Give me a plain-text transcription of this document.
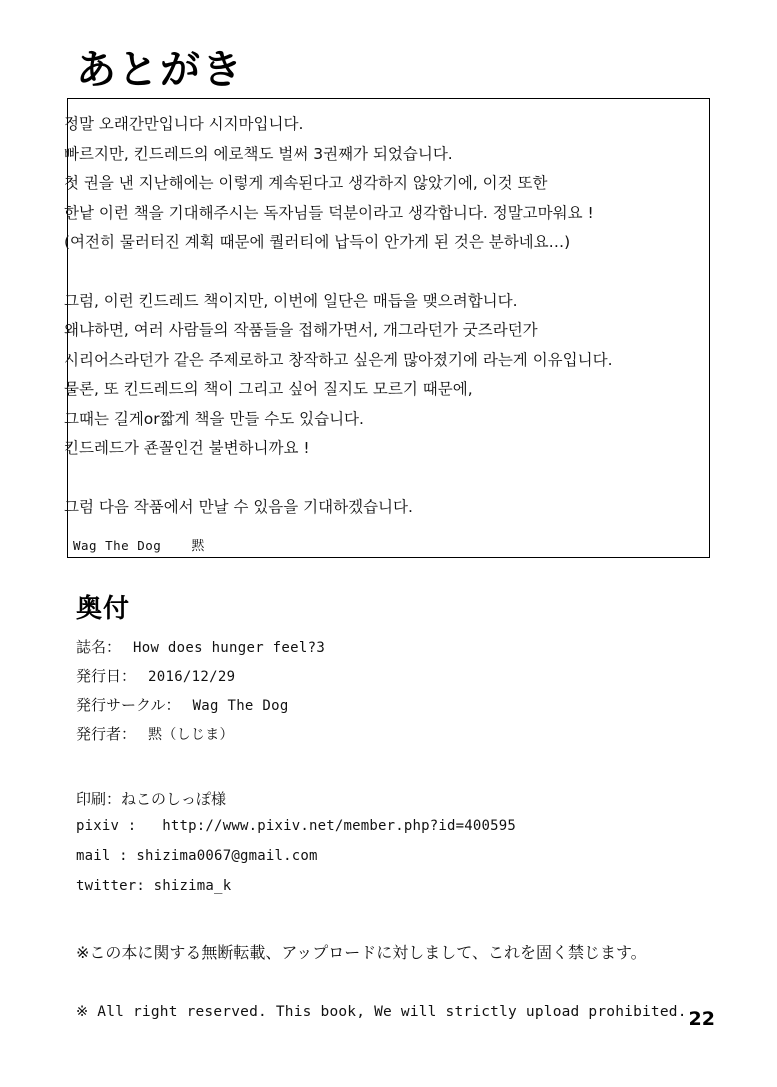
あとがき

정말 오래간만입니다 시지마입니다.

빠르지만, 킨드레드의 에로책도 벌써 3권째가 되었습니다.

첫 권을 낸 지난해에는 이렇게 계속된다고 생각하지 않았기에, 이것 또한

한낱 이런 책을 기대해주시는 독자님들 덕분이라고 생각합니다. 정말고마워요 !

(여전히 물러터진 계획 때문에 퀄러티에 납득이 안가게 된 것은 분하네요…)

그럼, 이런 킨드레드 책이지만, 이번에 일단은 매듭을 맺으려합니다.

왜냐하면, 여러 사람들의 작품들을 접해가면서, 개그라던가 굿즈라던가

시리어스라던가 같은 주제로하고 창작하고 싶은게 많아졌기에 라는게 이유입니다.

물론, 또 킨드레드의 책이 그리고 싶어 질지도 모르기 때문에,

그때는 길게or짧게 책을 만들 수도 있습니다.

킨드레드가 죤꼴인건 불변하니까요 !

그럼 다음 작품에서 만날 수 있음을 기대하겠습니다.

Wag The Dog 黙
奥付
誌名： How does hunger feel?3
発行日： 2016/12/29
発行サークル： Wag The Dog
発行者： 黙（しじま）
印刷：ねこのしっぽ様
pixiv :   http://www.pixiv.net/member.php?id=400595
mail : shizima0067@gmail.com
twitter: shizima_k
※この本に関する無断転載、アップロードに対しまして、これを固く禁じます。
※ All right reserved. This book, We will strictly upload prohibited. 22
